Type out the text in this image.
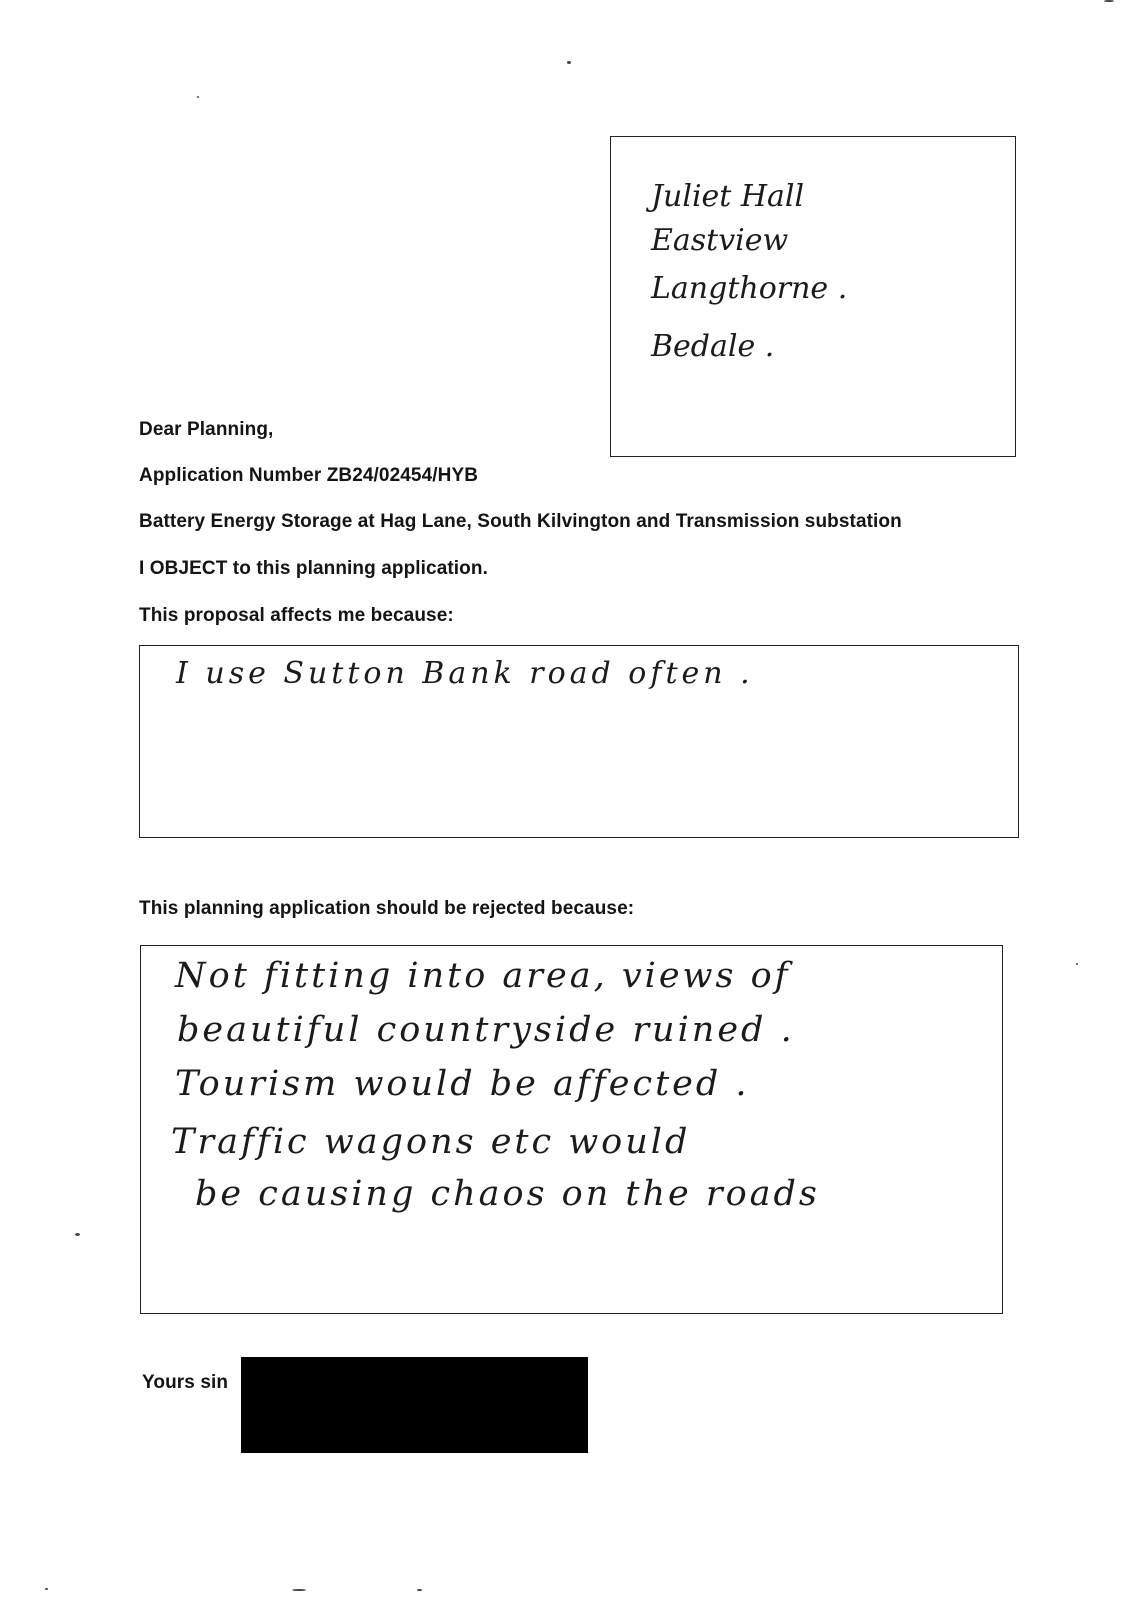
Juliet Hall
Eastview
Langthorne .
Bedale .
Dear Planning,
Application Number ZB24/02454/HYB
Battery Energy Storage at Hag Lane, South Kilvington and Transmission substation
I OBJECT to this planning application.
This proposal affects me because:
I use Sutton Bank road often .
This planning application should be rejected because:
Not fitting into area, views of
beautiful countryside ruined .
Tourism would be affected .
Traffic wagons etc would
be causing chaos on the roads
Yours sin
